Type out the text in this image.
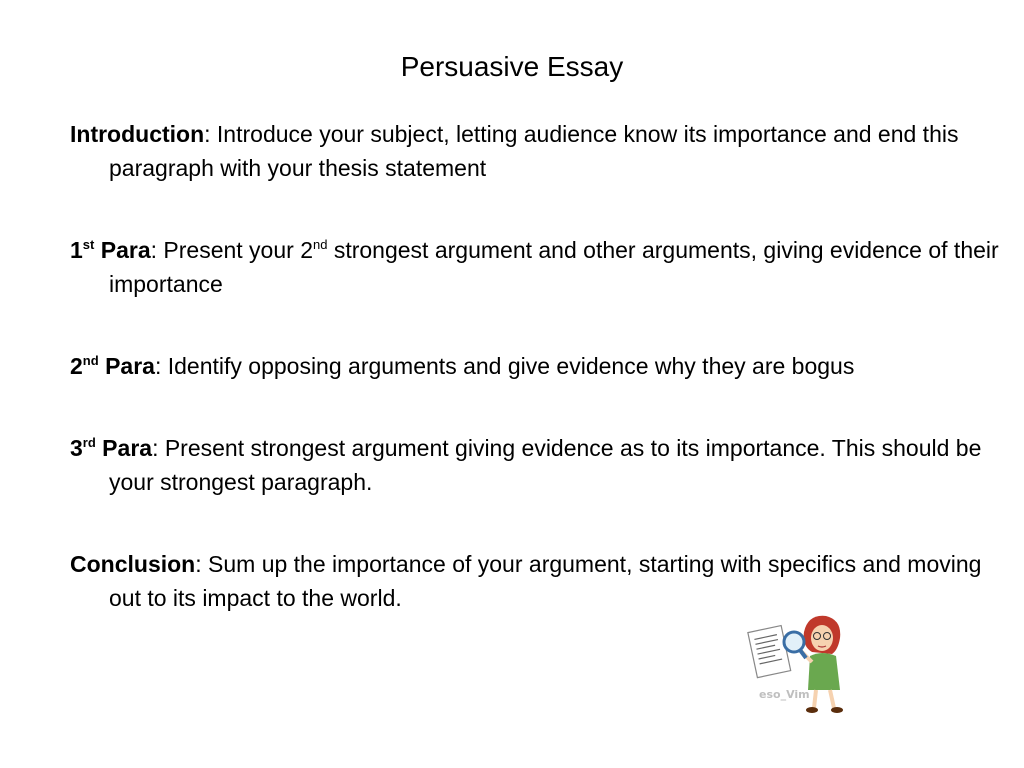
Persuasive Essay
Introduction: Introduce your subject, letting audience know its importance and end this paragraph with your thesis statement
1st Para: Present your 2nd strongest argument and other arguments, giving evidence of their importance
2nd Para: Identify opposing arguments and give evidence why they are bogus
3rd Para: Present strongest argument giving evidence as to its importance. This should be your strongest paragraph.
Conclusion: Sum up the importance of your argument, starting with specifics and moving out to its impact to the world.
eso_Vim
